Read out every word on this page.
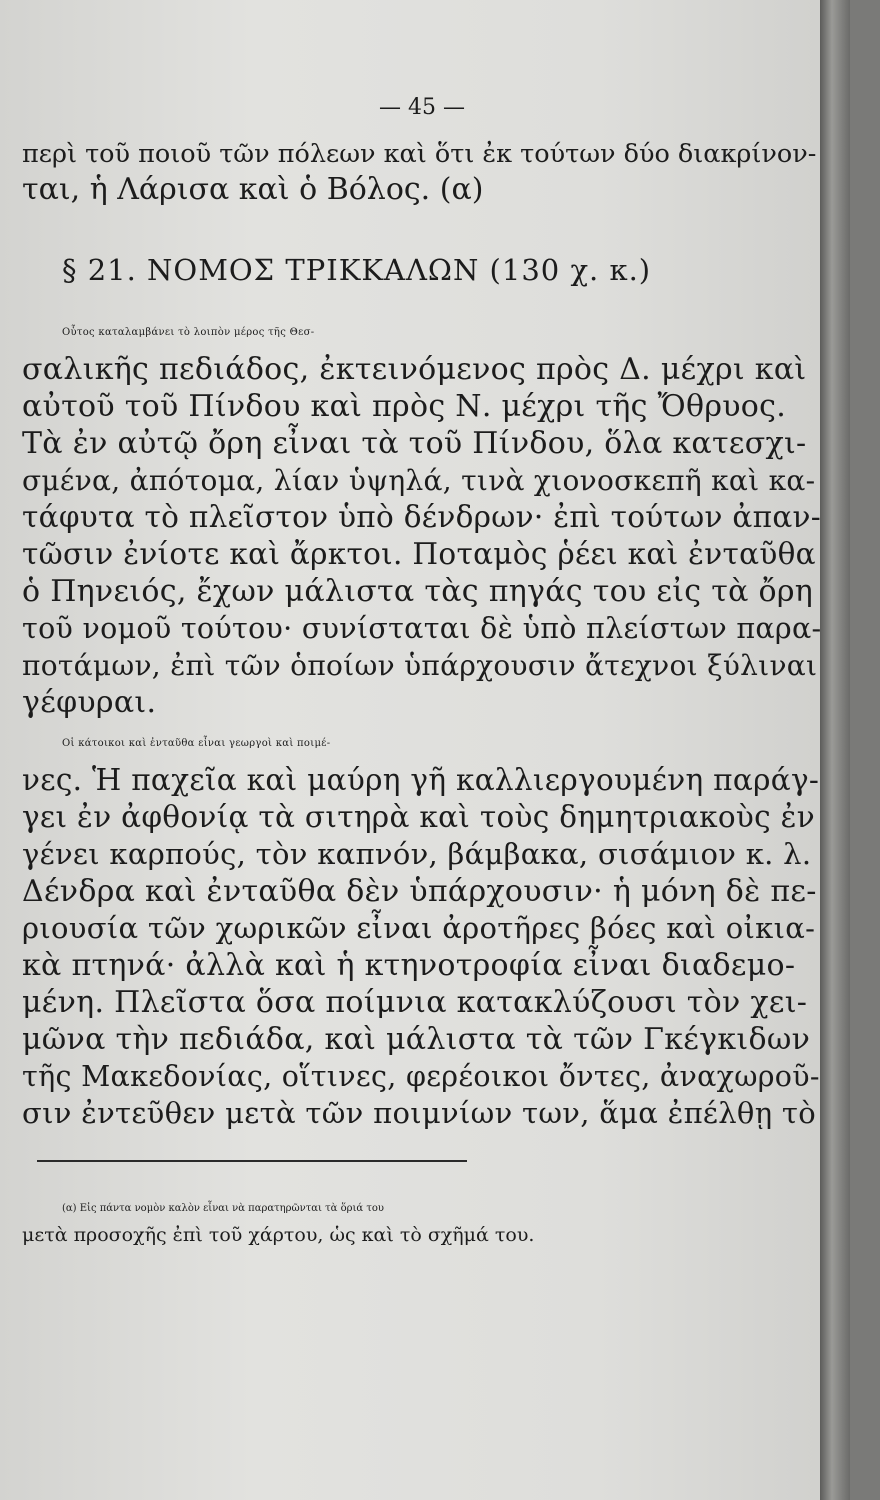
— 45 —

περὶ τοῦ ποιοῦ τῶν πόλεων καὶ ὅτι ἐκ τούτων δύο διακρίνον-

ται, ἡ Λάρισα καὶ ὁ Βόλος. (α)

§ 21. ΝΟΜΟΣ ΤΡΙΚΚΑΛΩΝ (130 χ. κ.)

Οὗτος καταλαμβάνει τὸ λοιπὸν μέρος τῆς Θεσ-

σαλικῆς πεδιάδος, ἐκτεινόμενος πρὸς Δ. μέχρι καὶ

αὐτοῦ τοῦ Πίνδου καὶ πρὸς Ν. μέχρι τῆς Ὄθρυος.

Τὰ ἐν αὐτῷ ὄρη εἶναι τὰ τοῦ Πίνδου, ὅλα κατεσχι-

σμένα, ἀπότομα, λίαν ὑψηλά, τινὰ χιονοσκεπῆ καὶ κα-

τάφυτα τὸ πλεῖστον ὑπὸ δένδρων· ἐπὶ τούτων ἀπαν-

τῶσιν ἐνίοτε καὶ ἄρκτοι. Ποταμὸς ῥέει καὶ ἐνταῦθα

ὁ Πηνειός, ἔχων μάλιστα τὰς πηγάς του εἰς τὰ ὄρη

τοῦ νομοῦ τούτου· συνίσταται δὲ ὑπὸ πλείστων παρα-

ποτάμων, ἐπὶ τῶν ὁποίων ὑπάρχουσιν ἄτεχνοι ξύλιναι

γέφυραι.

Οἱ κάτοικοι καὶ ἐνταῦθα εἶναι γεωργοὶ καὶ ποιμέ-

νες. Ἡ παχεῖα καὶ μαύρη γῆ καλλιεργουμένη παράγ-

γει ἐν ἀφθονίᾳ τὰ σιτηρὰ καὶ τοὺς δημητριακοὺς ἐν

γένει καρπούς, τὸν καπνόν, βάμβακα, σισάμιον κ. λ.

Δένδρα καὶ ἐνταῦθα δὲν ὑπάρχουσιν· ἡ μόνη δὲ πε-

ριουσία τῶν χωρικῶν εἶναι ἀροτῆρες βόες καὶ οἰκια-

κὰ πτηνά· ἀλλὰ καὶ ἡ κτηνοτροφία εἶναι διαδεμο-

μένη. Πλεῖστα ὅσα ποίμνια κατακλύζουσι τὸν χει-

μῶνα τὴν πεδιάδα, καὶ μάλιστα τὰ τῶν Γκέγκιδων

τῆς Μακεδονίας, οἵτινες, φερέοικοι ὄντες, ἀναχωροῦ-

σιν ἐντεῦθεν μετὰ τῶν ποιμνίων των, ἅμα ἐπέλθῃ τὸ

(α) Εἰς πάντα νομὸν καλὸν εἶναι νὰ παρατηρῶνται τὰ ὅριά του

μετὰ προσοχῆς ἐπὶ τοῦ χάρτου, ὡς καὶ τὸ σχῆμά του.
